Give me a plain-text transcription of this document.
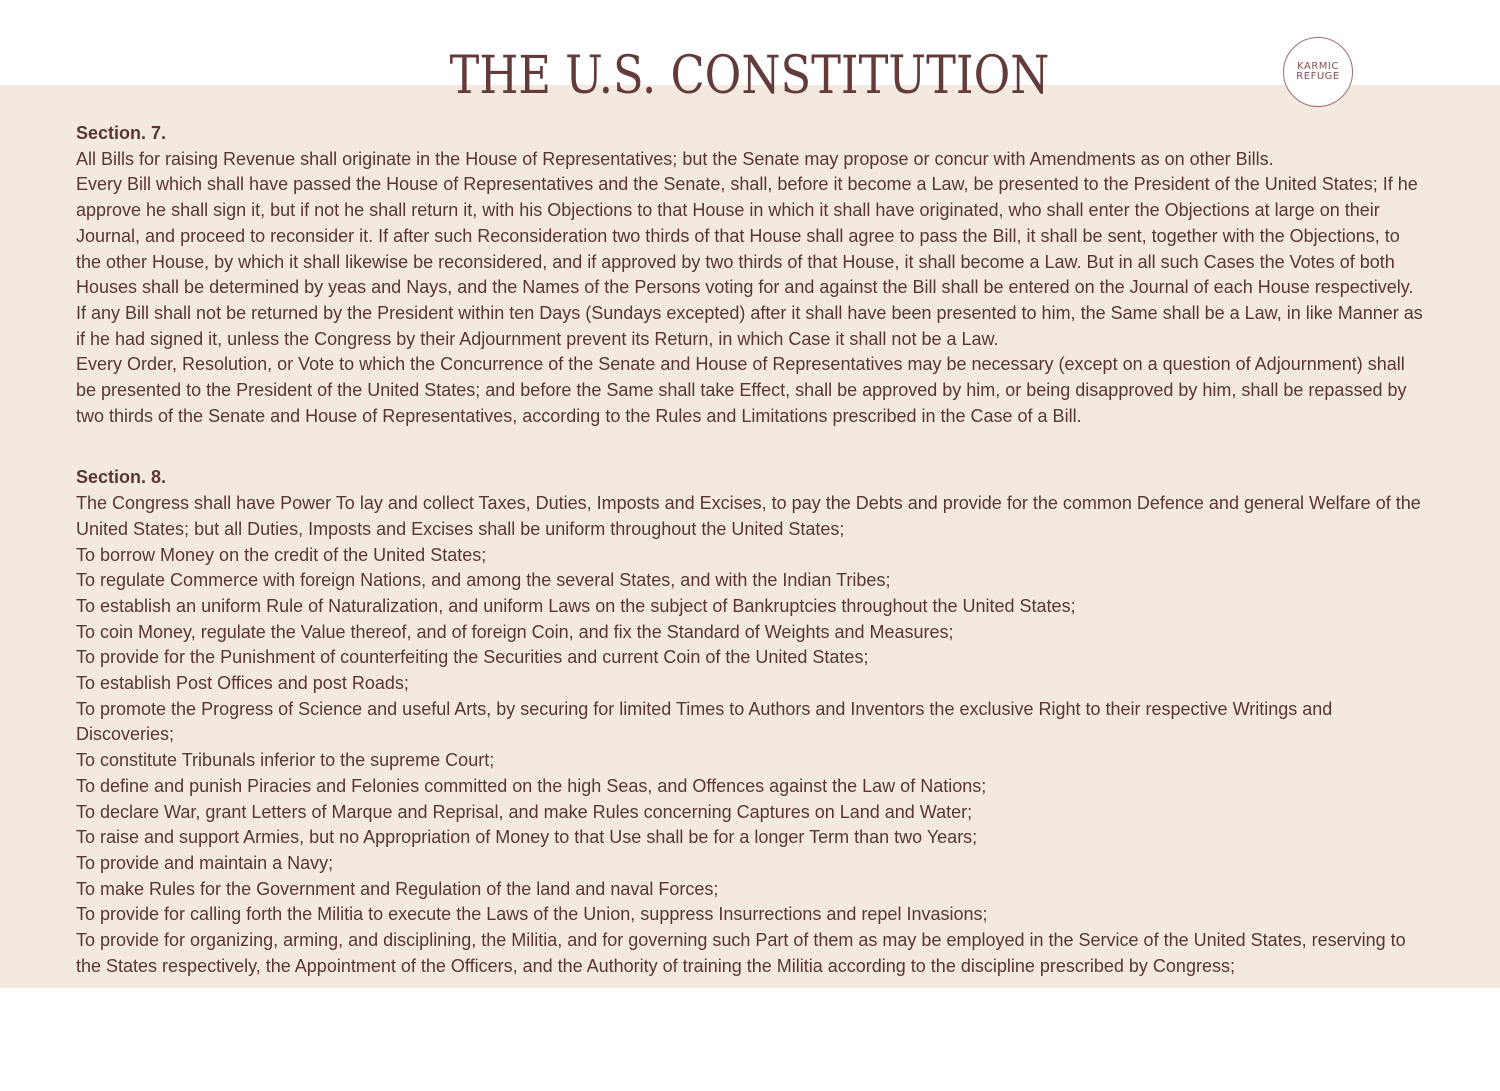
THE U.S. CONSTITUTION	KARMIC
REFUGE

Section. 7.

All Bills for raising Revenue shall originate in the House of Representatives; but the Senate may propose or concur with Amendments as on other Bills.

Every Bill which shall have passed the House of Representatives and the Senate, shall, before it become a Law, be presented to the President of the United States; If he approve he shall sign it, but if not he shall return it, with his Objections to that House in which it shall have originated, who shall enter the Objections at large on their Journal, and proceed to reconsider it. If after such Reconsideration two thirds of that House shall agree to pass the Bill, it shall be sent, together with the Objections, to the other House, by which it shall likewise be reconsidered, and if approved by two thirds of that House, it shall become a Law. But in all such Cases the Votes of both Houses shall be determined by yeas and Nays, and the Names of the Persons voting for and against the Bill shall be entered on the Journal of each House respectively. If any Bill shall not be returned by the President within ten Days (Sundays excepted) after it shall have been presented to him, the Same shall be a Law, in like Manner as if he had signed it, unless the Congress by their Adjournment prevent its Return, in which Case it shall not be a Law.

Every Order, Resolution, or Vote to which the Concurrence of the Senate and House of Representatives may be necessary (except on a question of Adjournment) shall be presented to the President of the United States; and before the Same shall take Effect, shall be approved by him, or being disapproved by him, shall be repassed by two thirds of the Senate and House of Representatives, according to the Rules and Limitations prescribed in the Case of a Bill.

Section. 8.

The Congress shall have Power To lay and collect Taxes, Duties, Imposts and Excises, to pay the Debts and provide for the common Defence and general Welfare of the United States; but all Duties, Imposts and Excises shall be uniform throughout the United States;

To borrow Money on the credit of the United States;

To regulate Commerce with foreign Nations, and among the several States, and with the Indian Tribes;

To establish an uniform Rule of Naturalization, and uniform Laws on the subject of Bankruptcies throughout the United States;

To coin Money, regulate the Value thereof, and of foreign Coin, and fix the Standard of Weights and Measures;

To provide for the Punishment of counterfeiting the Securities and current Coin of the United States;

To establish Post Offices and post Roads;

To promote the Progress of Science and useful Arts, by securing for limited Times to Authors and Inventors the exclusive Right to their respective Writings and Discoveries;

To constitute Tribunals inferior to the supreme Court;

To define and punish Piracies and Felonies committed on the high Seas, and Offences against the Law of Nations;

To declare War, grant Letters of Marque and Reprisal, and make Rules concerning Captures on Land and Water;

To raise and support Armies, but no Appropriation of Money to that Use shall be for a longer Term than two Years;

To provide and maintain a Navy;

To make Rules for the Government and Regulation of the land and naval Forces;

To provide for calling forth the Militia to execute the Laws of the Union, suppress Insurrections and repel Invasions;

To provide for organizing, arming, and disciplining, the Militia, and for governing such Part of them as may be employed in the Service of the United States, reserving to the States respectively, the Appointment of the Officers, and the Authority of training the Militia according to the discipline prescribed by Congress;
